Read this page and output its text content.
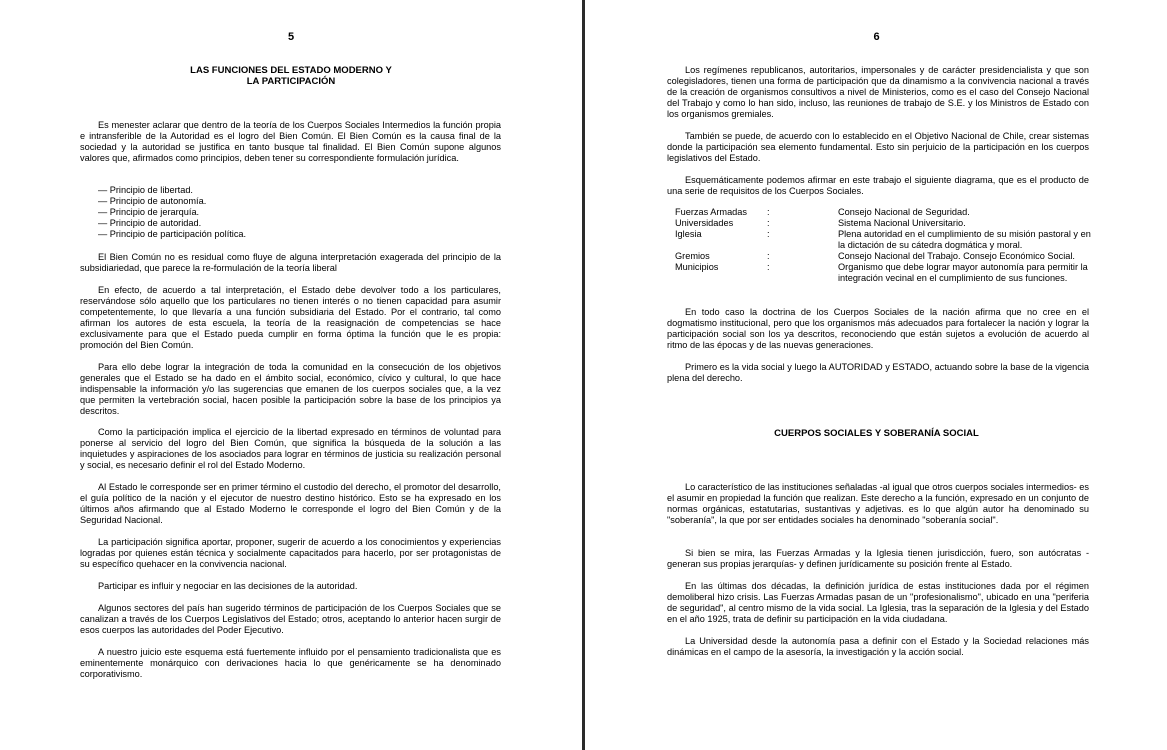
5
LAS FUNCIONES DEL ESTADO MODERNO Y
LA PARTICIPACIÓN

Es menester aclarar que dentro de la teoría de los Cuerpos Sociales Intermedios la función propia e intransferible de la Autoridad es el logro del Bien Común. El Bien Común es la causa final de la sociedad y la autoridad se justifica en tanto busque tal finalidad. El Bien Común supone algunos valores que, afirmados como principios, deben tener su correspondiente formulación jurídica.

— Principio de libertad.
— Principio de autonomía.
— Principio de jerarquía.
— Principio de autoridad.
— Principio de participación política.

El Bien Común no es residual como fluye de alguna interpretación exagerada del principio de la subsidiariedad, que parece la re-formulación de la teoría liberal

En efecto, de acuerdo a tal interpretación, el Estado debe devolver todo a los particulares, reservándose sólo aquello que los particulares no tienen interés o no tienen capacidad para asumir competentemente, lo que llevaría a una función subsidiaria del Estado. Por el contrario, tal como afirman los autores de esta escuela, la teoría de la reasignación de competencias se hace exclusivamente para que el Estado pueda cumplir en forma óptima la función que le es propia: promoción del Bien Común.

Para ello debe lograr la integración de toda la comunidad en la consecución de los objetivos generales que el Estado se ha dado en el ámbito social, económico, cívico y cultural, lo que hace indispensable la información y/o las sugerencias que emanen de los cuerpos sociales que, a la vez que permiten la vertebración social, hacen posible la participación sobre la base de los principios ya descritos.

Como la participación implica el ejercicio de la libertad expresado en términos de voluntad para ponerse al servicio del logro del Bien Común, que significa la búsqueda de la solución a las inquietudes y aspiraciones de los asociados para lograr en términos de justicia su realización personal y social, es necesario definir el rol del Estado Moderno.

Al Estado le corresponde ser en primer término el custodio del derecho, el promotor del desarrollo, el guía político de la nación y el ejecutor de nuestro destino histórico. Esto se ha expresado en los últimos años afirmando que al Estado Moderno le corresponde el logro del Bien Común y de la Seguridad Nacional.

La participación significa aportar, proponer, sugerir de acuerdo a los conocimientos y experiencias logradas por quienes están técnica y socialmente capacitados para hacerlo, por ser protagonistas de su específico quehacer en la convivencia nacional.

Participar es influir y negociar en las decisiones de la autoridad.

Algunos sectores del país han sugerido términos de participación de los Cuerpos Sociales que se canalizan a través de los Cuerpos Legislativos del Estado; otros, aceptando lo anterior hacen surgir de esos cuerpos las autoridades del Poder Ejecutivo.

A nuestro juicio este esquema está fuertemente influido por el pensamiento tradicionalista que es eminentemente monárquico con derivaciones hacia lo que genéricamente se ha denominado corporativismo.

6

Los regímenes republicanos, autoritarios, impersonales y de carácter presidencialista y que son colegisladores, tienen una forma de participación que da dinamismo a la convivencia nacional a través de la creación de organismos consultivos a nivel de Ministerios, como es el caso del Consejo Nacional del Trabajo y como lo han sido, incluso, las reuniones de trabajo de S.E. y los Ministros de Estado con los organismos gremiales.

También se puede, de acuerdo con lo establecido en el Objetivo Nacional de Chile, crear sistemas donde la participación sea elemento fundamental. Esto sin perjuicio de la participación en los cuerpos legislativos del Estado.

Esquemáticamente podemos afirmar en este trabajo el siguiente diagrama, que es el producto de una serie de requisitos de los Cuerpos Sociales.

Fuerzas Armadas	:	Consejo Nacional de Seguridad.
Universidades	:	Sistema Nacional Universitario.
Iglesia	:	Plena autoridad en el cumplimiento de su misión pastoral y en la dictación de su cátedra dogmática y moral.
Gremios	:	Consejo Nacional del Trabajo. Consejo Económico Social.
Municipios	:	Organismo que debe lograr mayor autonomía para permitir la integración vecinal en el cumplimiento de sus funciones.

En todo caso la doctrina de los Cuerpos Sociales de la nación afirma que no cree en el dogmatismo institucional, pero que los organismos más adecuados para fortalecer la nación y lograr la participación social son los ya descritos, reconociendo que están sujetos a evolución de acuerdo al ritmo de las épocas y de las nuevas generaciones.

Primero es la vida social y luego la AUTORIDAD y ESTADO, actuando sobre la base de la vigencia plena del derecho.

CUERPOS SOCIALES Y SOBERANÍA SOCIAL

Lo característico de las instituciones señaladas -al igual que otros cuerpos sociales intermedios- es el asumir en propiedad la función que realizan. Este derecho a la función, expresado en un conjunto de normas orgánicas, estatutarias, sustantivas y adjetivas. es lo que algún autor ha denominado su "soberanía", la que por ser entidades sociales ha denominado "soberanía social".

Si bien se mira, las Fuerzas Armadas y la Iglesia tienen jurisdicción, fuero, son autócratas - generan sus propias jerarquías- y definen jurídicamente su posición frente al Estado.

En las últimas dos décadas, la definición jurídica de estas instituciones dada por el régimen demoliberal hizo crisis. Las Fuerzas Armadas pasan de un "profesionalismo", ubicado en una "periferia de seguridad", al centro mismo de la vida social. La Iglesia, tras la separación de la Iglesia y del Estado en el año 1925, trata de definir su participación en la vida ciudadana.

La Universidad desde la autonomía pasa a definir con el Estado y la Sociedad relaciones más dinámicas en el campo de la asesoría, la investigación y la acción social.
